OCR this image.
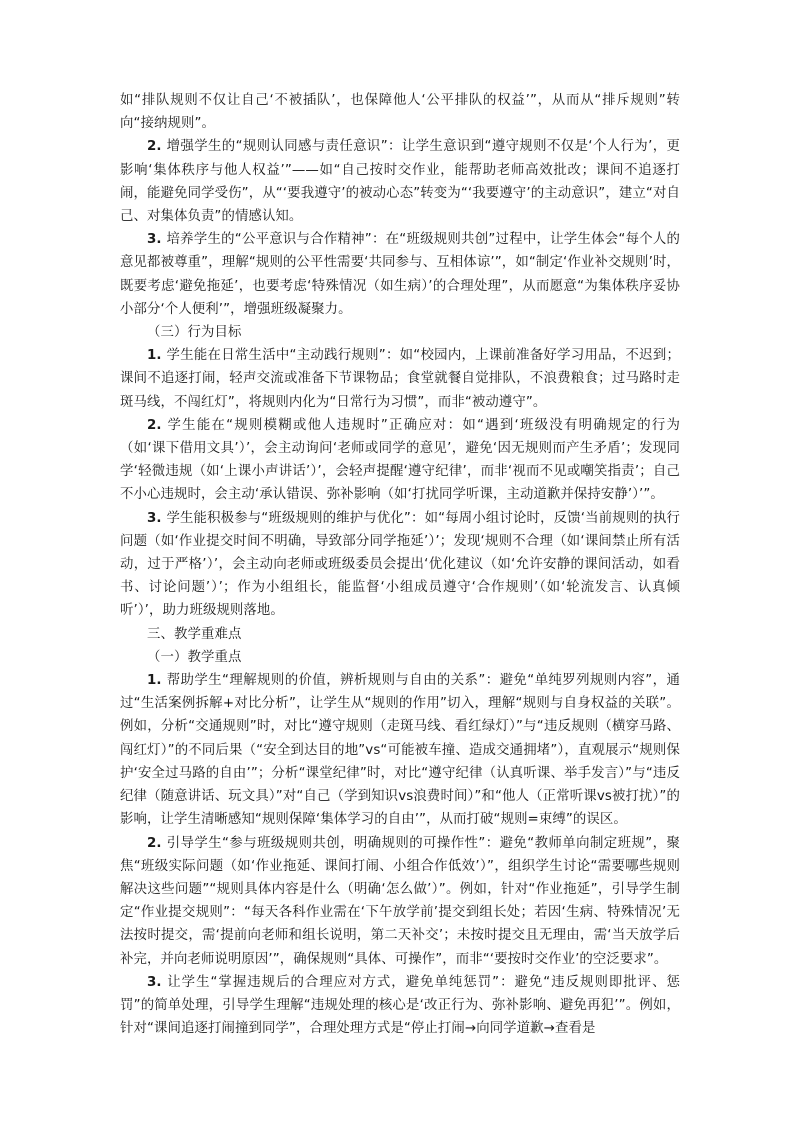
如“排队规则不仅让自己‘不被插队’，也保障他人‘公平排队的权益’”，从而从“排斥规则”转向“接纳规则”。

2. 增强学生的“规则认同感与责任意识”：让学生意识到“遵守规则不仅是‘个人行为’，更影响‘集体秩序与他人权益’”——如“自己按时交作业，能帮助老师高效批改；课间不追逐打闹，能避免同学受伤”，从“‘要我遵守’的被动心态”转变为“‘我要遵守’的主动意识”，建立“对自己、对集体负责”的情感认知。

3. 培养学生的“公平意识与合作精神”：在“班级规则共创”过程中，让学生体会“每个人的意见都被尊重”，理解“规则的公平性需要‘共同参与、互相体谅’”，如“制定‘作业补交规则’时，既要考虑‘避免拖延’，也要考虑‘特殊情况（如生病）’的合理处理”，从而愿意“为集体秩序妥协小部分‘个人便利’”，增强班级凝聚力。

（三）行为目标

1. 学生能在日常生活中“主动践行规则”：如“校园内，上课前准备好学习用品，不迟到；课间不追逐打闹，轻声交流或准备下节课物品；食堂就餐自觉排队，不浪费粮食；过马路时走斑马线，不闯红灯”，将规则内化为“日常行为习惯”，而非“被动遵守”。

2. 学生能在“规则模糊或他人违规时”正确应对：如“遇到‘班级没有明确规定的行为（如‘课下借用文具’）’，会主动询问‘老师或同学的意见’，避免‘因无规则而产生矛盾’；发现同学‘轻微违规（如‘上课小声讲话’）’，会轻声提醒‘遵守纪律’，而非‘视而不见或嘲笑指责’；自己不小心违规时，会主动‘承认错误、弥补影响（如‘打扰同学听课，主动道歉并保持安静’）’”。

3. 学生能积极参与“班级规则的维护与优化”：如“每周小组讨论时，反馈‘当前规则的执行问题（如‘作业提交时间不明确，导致部分同学拖延’）’；发现‘规则不合理（如‘课间禁止所有活动，过于严格’）’，会主动向老师或班级委员会提出‘优化建议（如‘允许安静的课间活动，如看书、讨论问题’）’；作为小组组长，能监督‘小组成员遵守‘合作规则’（如‘轮流发言、认真倾听’）’，助力班级规则落地。

三、教学重难点

（一）教学重点

1. 帮助学生“理解规则的价值，辨析规则与自由的关系”：避免“单纯罗列规则内容”，通过“生活案例拆解+对比分析”，让学生从“规则的作用”切入，理解“规则与自身权益的关联”。例如，分析“交通规则”时，对比“遵守规则（走斑马线、看红绿灯）”与“违反规则（横穿马路、闯红灯）”的不同后果（“安全到达目的地”vs“可能被车撞、造成交通拥堵”），直观展示“规则保护‘安全过马路的自由’”；分析“课堂纪律”时，对比“遵守纪律（认真听课、举手发言）”与“违反纪律（随意讲话、玩文具）”对“自己（学到知识vs浪费时间）”和“他人（正常听课vs被打扰）”的影响，让学生清晰感知“规则保障‘集体学习的自由’”，从而打破“规则=束缚”的误区。

2. 引导学生“参与班级规则共创，明确规则的可操作性”：避免“教师单向制定班规”，聚焦“班级实际问题（如‘作业拖延、课间打闹、小组合作低效’）”，组织学生讨论“需要哪些规则解决这些问题”“规则具体内容是什么（明确‘怎么做’）”。例如，针对“作业拖延”，引导学生制定“作业提交规则”：“每天各科作业需在‘下午放学前’提交到组长处；若因‘生病、特殊情况’无法按时提交，需‘提前向老师和组长说明，第二天补交’；未按时提交且无理由，需‘当天放学后补完，并向老师说明原因’”，确保规则“具体、可操作”，而非“‘要按时交作业’的空泛要求”。

3. 让学生“掌握违规后的合理应对方式，避免单纯惩罚”：避免“违反规则即批评、惩罚”的简单处理，引导学生理解“违规处理的核心是‘改正行为、弥补影响、避免再犯’”。例如，针对“课间追逐打闹撞到同学”，合理处理方式是“停止打闹→向同学道歉→查看是
